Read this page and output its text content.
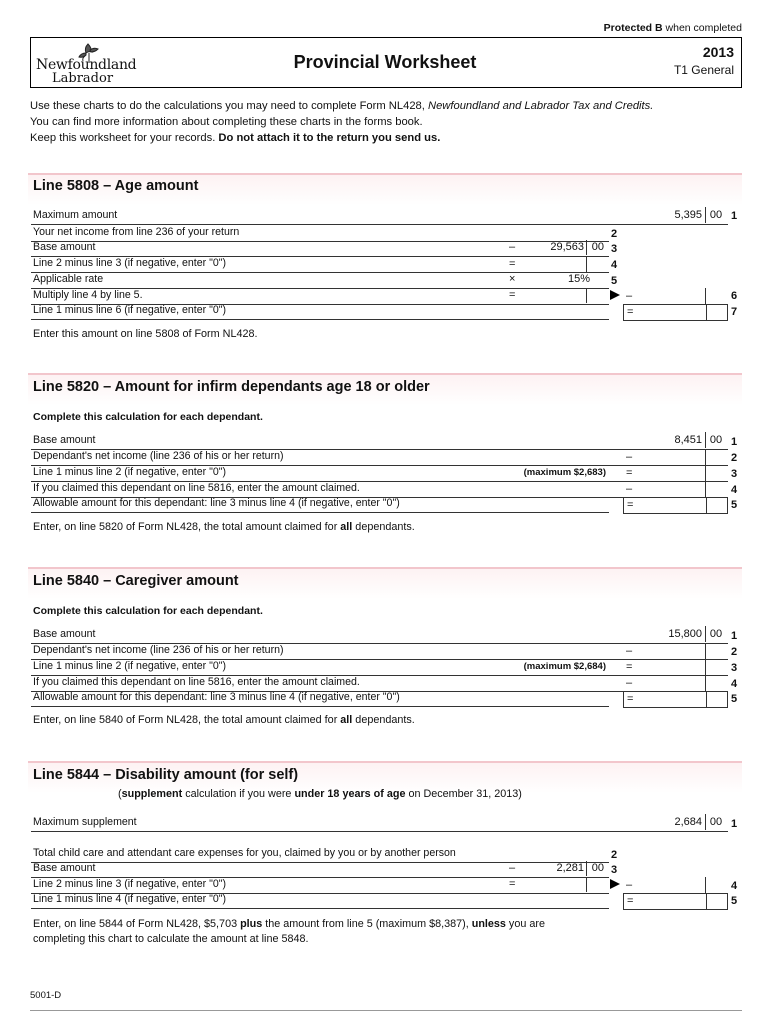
Protected B when completed
Newfoundland
Labrador
Provincial Worksheet	2013
T1 General
Use these charts to do the calculations you may need to complete Form NL428, Newfoundland and Labrador Tax and Credits.
You can find more information about completing these charts in the forms book.
Keep this worksheet for your records. Do not attach it to the return you send us.
Line 5808 – Age amount
Maximum amount	5,395 00 1
Your net income from line 236 of your return	2
Base amount	–	29,563 00 3
Line 2 minus line 3 (if negative, enter "0")	=	4
Applicable rate	×	15% 5
Multiply line 4 by line 5.	=	–	6
Line 1 minus line 6 (if negative, enter "0")	=	7
Enter this amount on line 5808 of Form NL428.
Line 5820 – Amount for infirm dependants age 18 or older
Complete this calculation for each dependant.
Base amount	8,451 00 1
Dependant's net income (line 236 of his or her return)	–	2
Line 1 minus line 2 (if negative, enter "0")	(maximum $2,683) =	3
If you claimed this dependant on line 5816, enter the amount claimed.	–	4
Allowable amount for this dependant: line 3 minus line 4 (if negative, enter "0")	=	5
Enter, on line 5820 of Form NL428, the total amount claimed for all dependants.
Line 5840 – Caregiver amount
Complete this calculation for each dependant.
Base amount	15,800 00 1
Dependant's net income (line 236 of his or her return)	–	2
Line 1 minus line 2 (if negative, enter "0")	(maximum $2,684) =	3
If you claimed this dependant on line 5816, enter the amount claimed.	–	4
Allowable amount for this dependant: line 3 minus line 4 (if negative, enter "0")	=	5
Enter, on line 5840 of Form NL428, the total amount claimed for all dependants.
Line 5844 – Disability amount (for self)
(supplement calculation if you were under 18 years of age on December 31, 2013)
Maximum supplement	2,684 00 1
Total child care and attendant care expenses for you, claimed by you or by another person	2
Base amount	–	2,281 00 3
Line 2 minus line 3 (if negative, enter "0")	=	–	4
Line 1 minus line 4 (if negative, enter "0")	=	5
Enter, on line 5844 of Form NL428, $5,703 plus the amount from line 5 (maximum $8,387), unless you are
completing this chart to calculate the amount at line 5848.
5001-D
